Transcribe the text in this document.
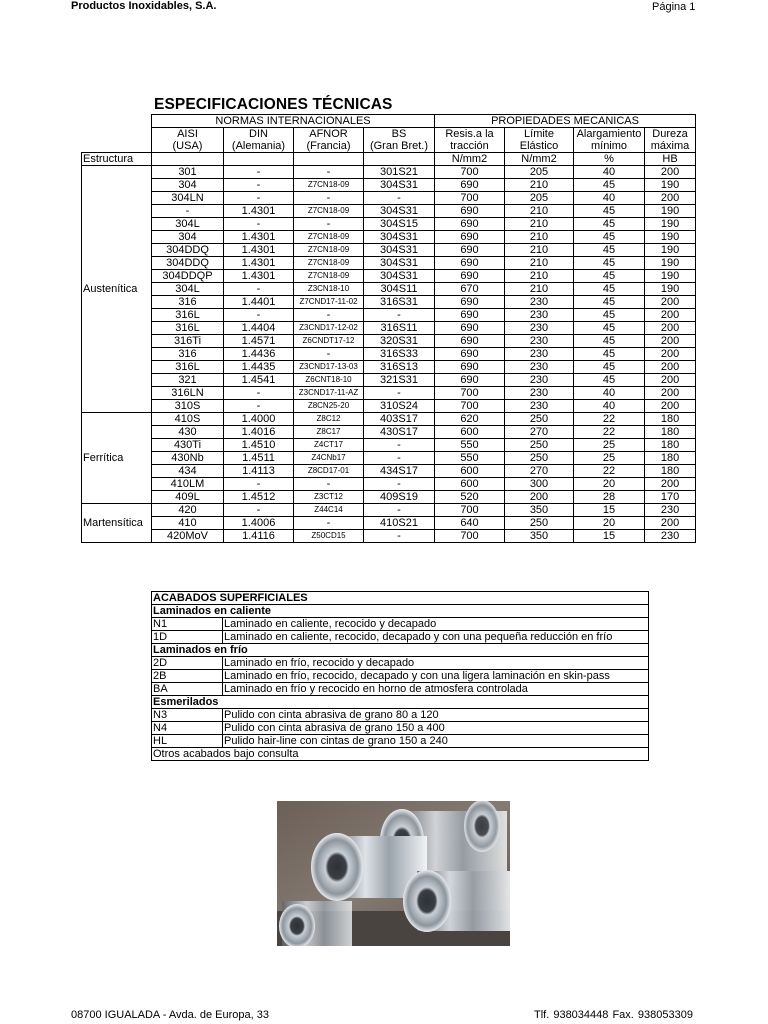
Productos Inoxidables, S.A.	Página 1
ESPECIFICACIONES TÉCNICAS
	NORMAS INTERNACIONALES				PROPIEDADES MECANICAS			
	AISI	DIN	AFNOR	BS	Resis.a la	Límite	Alargamiento	Dureza
	(USA)	(Alemania)	(Francia)	(Gran Bret.)	tracción	Elástico	mínimo	máxima
Estructura					N/mm2	N/mm2	%	HB
Austenítica	301	-	-	301S21	700	205	40	200
	304	-	Z7CN18-09	304S31	690	210	45	190
	304LN	-	-	-	700	205	40	200
	-	1.4301	Z7CN18-09	304S31	690	210	45	190
	304L	-	-	304S15	690	210	45	190
	304	1.4301	Z7CN18-09	304S31	690	210	45	190
	304DDQ	1.4301	Z7CN18-09	304S31	690	210	45	190
	304DDQ	1.4301	Z7CN18-09	304S31	690	210	45	190
	304DDQP	1.4301	Z7CN18-09	304S31	690	210	45	190
	304L	-	Z3CN18-10	304S11	670	210	45	190
	316	1.4401	Z7CND17-11-02	316S31	690	230	45	200
	316L	-	-	-	690	230	45	200
	316L	1.4404	Z3CND17-12-02	316S11	690	230	45	200
	316Ti	1.4571	Z6CNDT17-12	320S31	690	230	45	200
	316	1.4436	-	316S33	690	230	45	200
	316L	1.4435	Z3CND17-13-03	316S13	690	230	45	200
	321	1.4541	Z6CNT18-10	321S31	690	230	45	200
	316LN	-	Z3CND17-11-AZ	-	700	230	40	200
	310S	-	Z8CN25-20	310S24	700	230	40	200
Ferrítica	410S	1.4000	Z8C12	403S17	620	250	22	180
	430	1.4016	Z8C17	430S17	600	270	22	180
	430Ti	1.4510	Z4CT17	-	550	250	25	180
	430Nb	1.4511	Z4CNb17	-	550	250	25	180
	434	1.4113	Z8CD17-01	434S17	600	270	22	180
	410LM	-	-	-	600	300	20	200
	409L	1.4512	Z3CT12	409S19	520	200	28	170
Martensítica	420	-	Z44C14	-	700	350	15	230
	410	1.4006	-	410S21	640	250	20	200
	420MoV	1.4116	Z50CD15	-	700	350	15	230
ACABADOS SUPERFICIALES	
Laminados en caliente	
N1	Laminado en caliente, recocido y decapado
1D	Laminado en caliente, recocido, decapado y con una pequeña reducción en frío
Laminados en frío	
2D	Laminado en frío, recocido y decapado
2B	Laminado en frío, recocido, decapado y con una ligera laminación en skin-pass
BA	Laminado en frío y recocido en horno de atmosfera controlada
Esmerilados	
N3	Pulido con cinta abrasiva de grano 80 a 120
N4	Pulido con cinta abrasiva de grano 150 a 400
HL	Pulido hair-line con cintas de grano 150 a 240
Otros acabados bajo consulta	
08700 IGUALADA - Avda. de Europa, 33	Tlf. 938034448 Fax. 938053309
